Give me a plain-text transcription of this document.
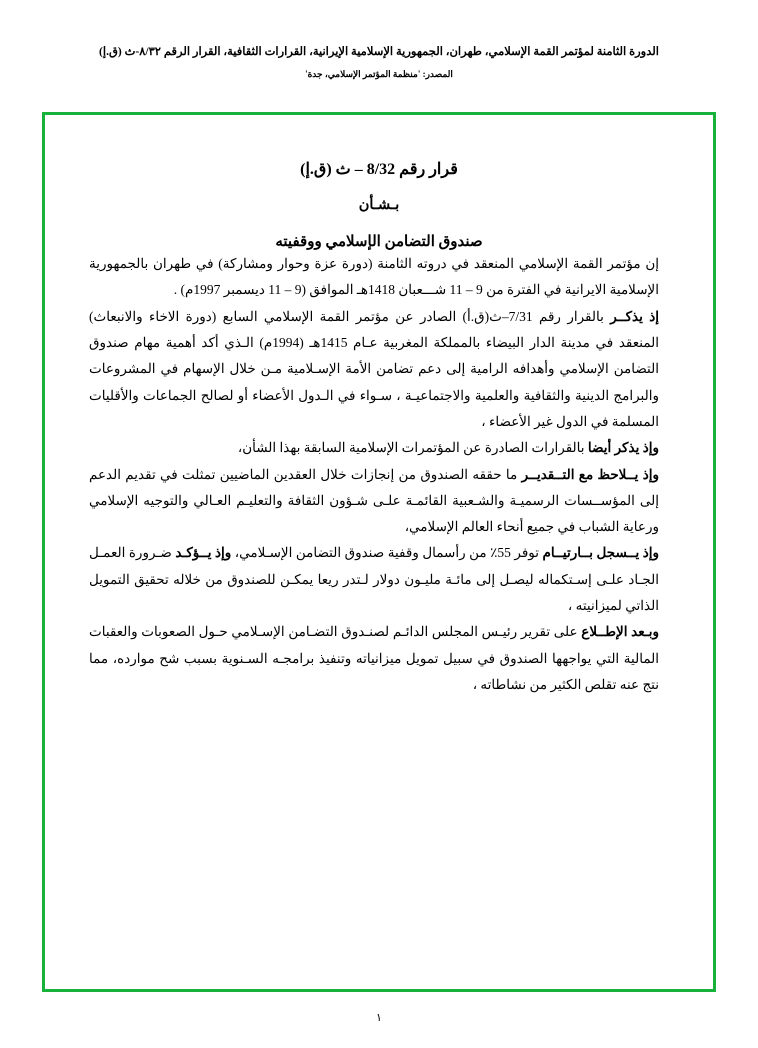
الدورة الثامنة لمؤتمر القمة الإسلامي، طهران، الجمهورية الإسلامية الإيرانية، القرارات الثقافية، القرار الرقم ٨/٣٢-ث (ق.إ)
المصدر: 'منظمة المؤتمر الإسلامي، جدة'
قرار رقم 8/32 – ث (ق.إ)
بـشـأن
صندوق التضامن الإسلامي ووقفيته

إن مؤتمر القمة الإسلامي المنعقد في دروته الثامنة (دورة عزة وحوار ومشاركة) في طهران بالجمهورية الإسلامية الايرانية في الفترة من 9 – 11 شـــعبان 1418هـ الموافق (9 – 11 ديسمبر 1997م) .

إذ يذكــر بالقرار رقم 7/31–ث(ق.أ) الصادر عن مؤتمر القمة الإسلامي السابع (دورة الاخاء والانبعاث) المنعقد في مدينة الدار البيضاء بالمملكة المغربية عـام 1415هـ (1994م) الـذي أكد أهمية مهام صندوق التضامن الإسلامي وأهدافه الرامية إلى دعم تضامن الأمة الإسـلامية مـن خلال الإسهام في المشروعات والبرامج الدينية والثقافية والعلمية والاجتماعيـة ، سـواء في الـدول الأعضاء أو لصالح الجماعات والأقليات المسلمة في الدول غير الأعضاء ،

وإذ يذكر أيضا بالقرارات الصادرة عن المؤتمرات الإسلامية السابقة بهذا الشأن،

وإذ يــلاحظ مع التــقديــر ما حققه الصندوق من إنجازات خلال العقدين الماضيين تمثلت في تقديم الدعم إلى المؤســسات الرسميـة والشـعبية القائمـة علـى شـؤون الثقافة والتعليـم العـالي والتوجيه الإسلامي ورعاية الشباب في جميع أنحاء العالم الإسلامي،

وإذ يــسجل بــارتيــام توفر 55٪ من رأسمال وقفية صندوق التضامن الإسـلامي، وإذ يــؤكـد ضـرورة العمـل الجـاد علـى إسـتكماله ليصـل إلى مائـة مليـون دولار لـتدر ريعا يمكـن للصندوق من خلاله تحقيق التمويل الذاتي لميزانيته ،

وبـعد الإطــلاع على تقرير رئيـس المجلس الدائـم لصنـدوق التضـامن الإسـلامي حـول الصعوبات والعقبات المالية التي يواجهها الصندوق في سبيل تمويل ميزانياته وتنفيذ برامجـه السـنوية بسبب شح موارده، مما نتج عنه تقلص الكثير من نشاطاته ،

١
